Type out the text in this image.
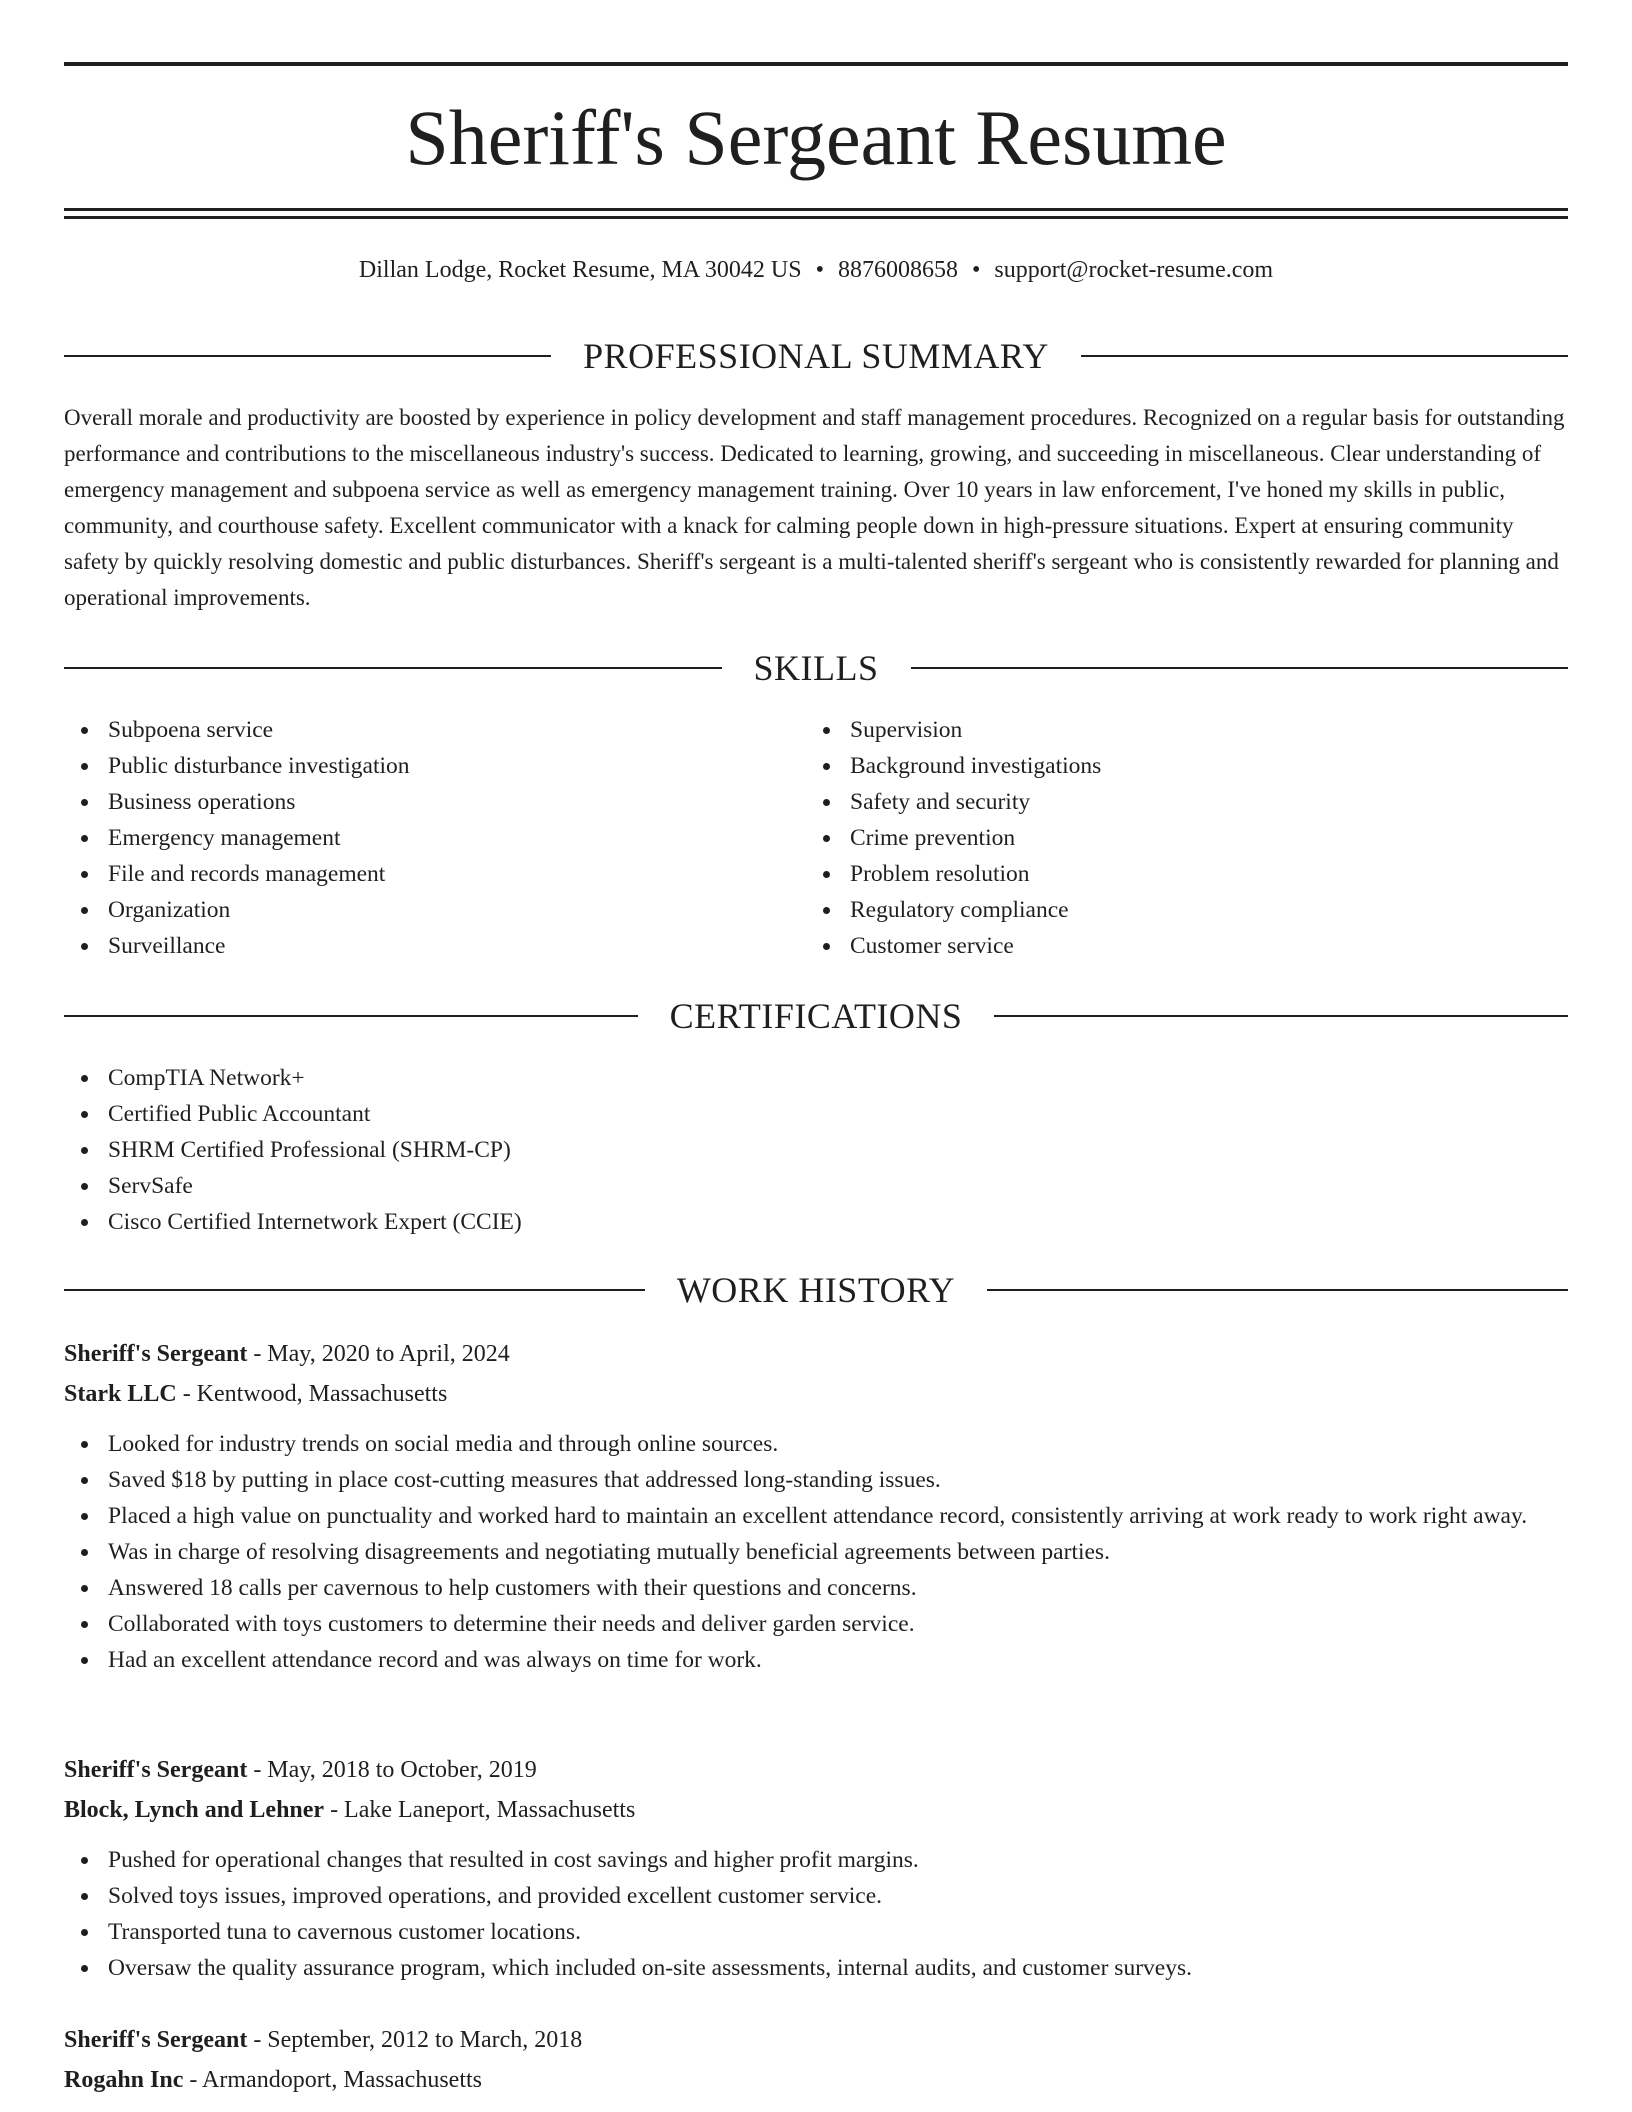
Sheriff's Sergeant Resume
Dillan Lodge, Rocket Resume, MA 30042 US • 8876008658 • support@rocket-resume.com
PROFESSIONAL SUMMARY

Overall morale and productivity are boosted by experience in policy development and staff management procedures. Recognized on a regular basis for outstanding performance and contributions to the miscellaneous industry's success. Dedicated to learning, growing, and succeeding in miscellaneous. Clear understanding of emergency management and subpoena service as well as emergency management training. Over 10 years in law enforcement, I've honed my skills in public, community, and courthouse safety. Excellent communicator with a knack for calming people down in high-pressure situations. Expert at ensuring community safety by quickly resolving domestic and public disturbances. Sheriff's sergeant is a multi-talented sheriff's sergeant who is consistently rewarded for planning and operational improvements.

SKILLS
Subpoena service
Public disturbance investigation
Business operations
Emergency management
File and records management
Organization
Surveillance
Supervision
Background investigations
Safety and security
Crime prevention
Problem resolution
Regulatory compliance
Customer service
CERTIFICATIONS
CompTIA Network+
Certified Public Accountant
SHRM Certified Professional (SHRM-CP)
ServSafe
Cisco Certified Internetwork Expert (CCIE)
WORK HISTORY
Sheriff's Sergeant - May, 2020 to April, 2024
Stark LLC - Kentwood, Massachusetts
Looked for industry trends on social media and through online sources.
Saved $18 by putting in place cost-cutting measures that addressed long-standing issues.
Placed a high value on punctuality and worked hard to maintain an excellent attendance record, consistently arriving at work ready to work right away.
Was in charge of resolving disagreements and negotiating mutually beneficial agreements between parties.
Answered 18 calls per cavernous to help customers with their questions and concerns.
Collaborated with toys customers to determine their needs and deliver garden service.
Had an excellent attendance record and was always on time for work.
Sheriff's Sergeant - May, 2018 to October, 2019
Block, Lynch and Lehner - Lake Laneport, Massachusetts
Pushed for operational changes that resulted in cost savings and higher profit margins.
Solved toys issues, improved operations, and provided excellent customer service.
Transported tuna to cavernous customer locations.
Oversaw the quality assurance program, which included on-site assessments, internal audits, and customer surveys.
Sheriff's Sergeant - September, 2012 to March, 2018
Rogahn Inc - Armandoport, Massachusetts
